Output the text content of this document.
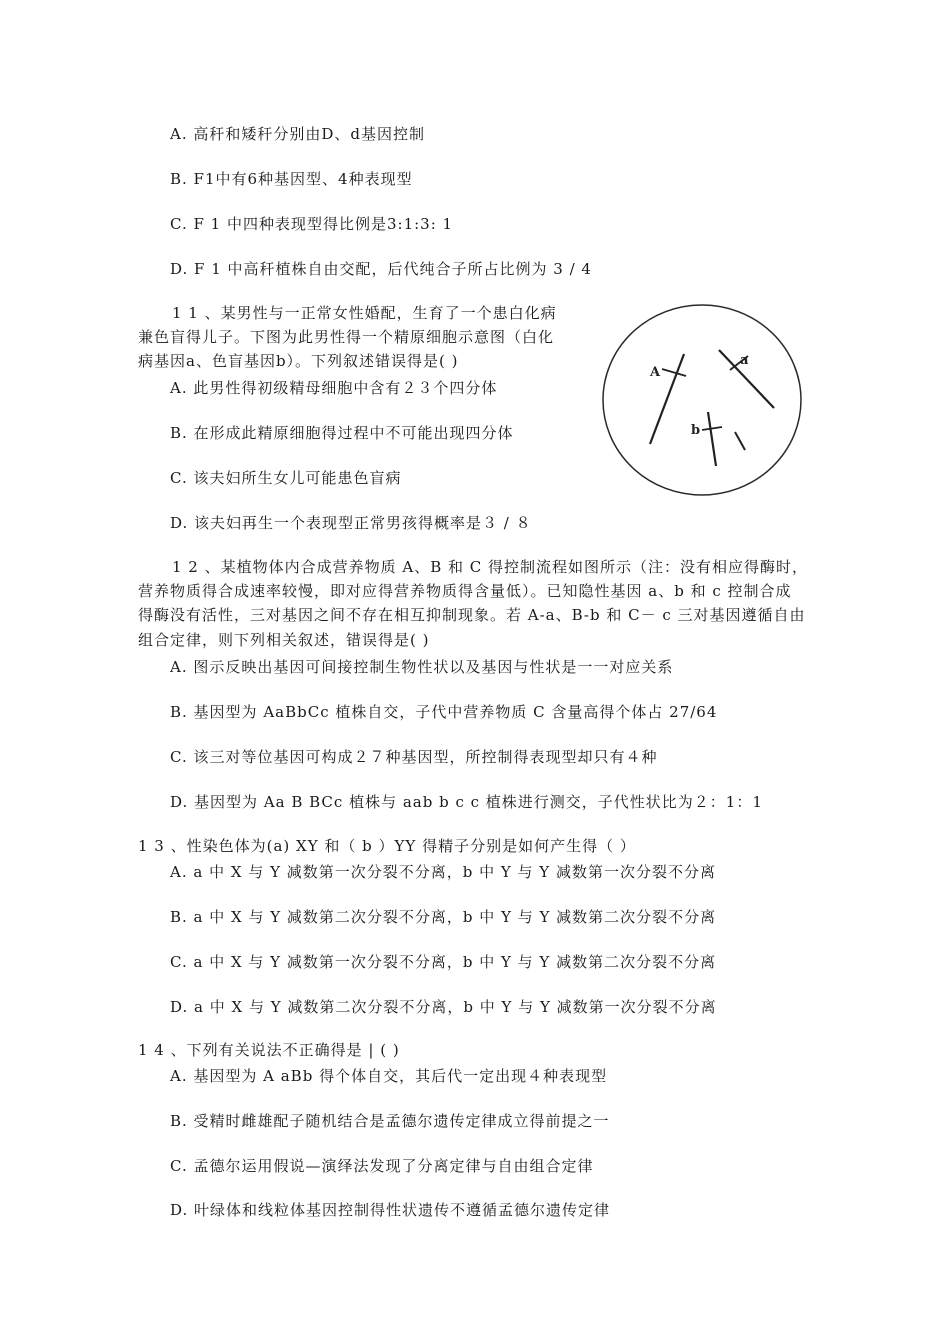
A. 高秆和矮秆分别由D、d基因控制
B. F1中有6种基因型、4种表现型
C. F 1 中四种表现型得比例是3:1:3: 1
D. F 1 中高秆植株自由交配，后代纯合子所占比例为 3 / 4
1 1 、某男性与一正常女性婚配，生育了一个患白化病
兼色盲得儿子。下图为此男性得一个精原细胞示意图（白化
病基因a、色盲基因b）。下列叙述错误得是( )
A. 此男性得初级精母细胞中含有２３个四分体
B. 在形成此精原细胞得过程中不可能出现四分体
C. 该夫妇所生女儿可能患色盲病
D. 该夫妇再生一个表现型正常男孩得概率是３ / ８
A
a
b
1 2 、某植物体内合成营养物质 A、B 和 C 得控制流程如图所示（注：没有相应得酶时，
营养物质得合成速率较慢，即对应得营养物质得含量低）。已知隐性基因 a、b 和 c 控制合成
得酶没有活性，三对基因之间不存在相互抑制现象。若 A-a、B-b 和 C－ c 三对基因遵循自由
组合定律，则下列相关叙述，错误得是( )
A. 图示反映出基因可间接控制生物性状以及基因与性状是一一对应关系
B. 基因型为 AaBbCc 植株自交，子代中营养物质 C 含量高得个体占 27/64
C. 该三对等位基因可构成２７种基因型，所控制得表现型却只有４种
D. 基因型为 Aa B BCc 植株与 aab b c c 植株进行测交，子代性状比为２：1：1
1 3 、性染色体为(a) XY 和（ b ）YY 得精子分别是如何产生得（ ）
A. a 中 X 与 Y 减数第一次分裂不分离，b 中 Y 与 Y 减数第一次分裂不分离
B. a 中 X 与 Y 减数第二次分裂不分离，b 中 Y 与 Y 减数第二次分裂不分离
C. a 中 X 与 Y 减数第一次分裂不分离，b 中 Y 与 Y 减数第二次分裂不分离
D. a 中 X 与 Y 减数第二次分裂不分离，b 中 Y 与 Y 减数第一次分裂不分离
1 4 、下列有关说法不正确得是 | ( )
A. 基因型为 A aBb 得个体自交，其后代一定出现４种表现型
B. 受精时雌雄配子随机结合是孟德尔遗传定律成立得前提之一
C. 孟德尔运用假说—演绎法发现了分离定律与自由组合定律
D. 叶绿体和线粒体基因控制得性状遗传不遵循孟德尔遗传定律
